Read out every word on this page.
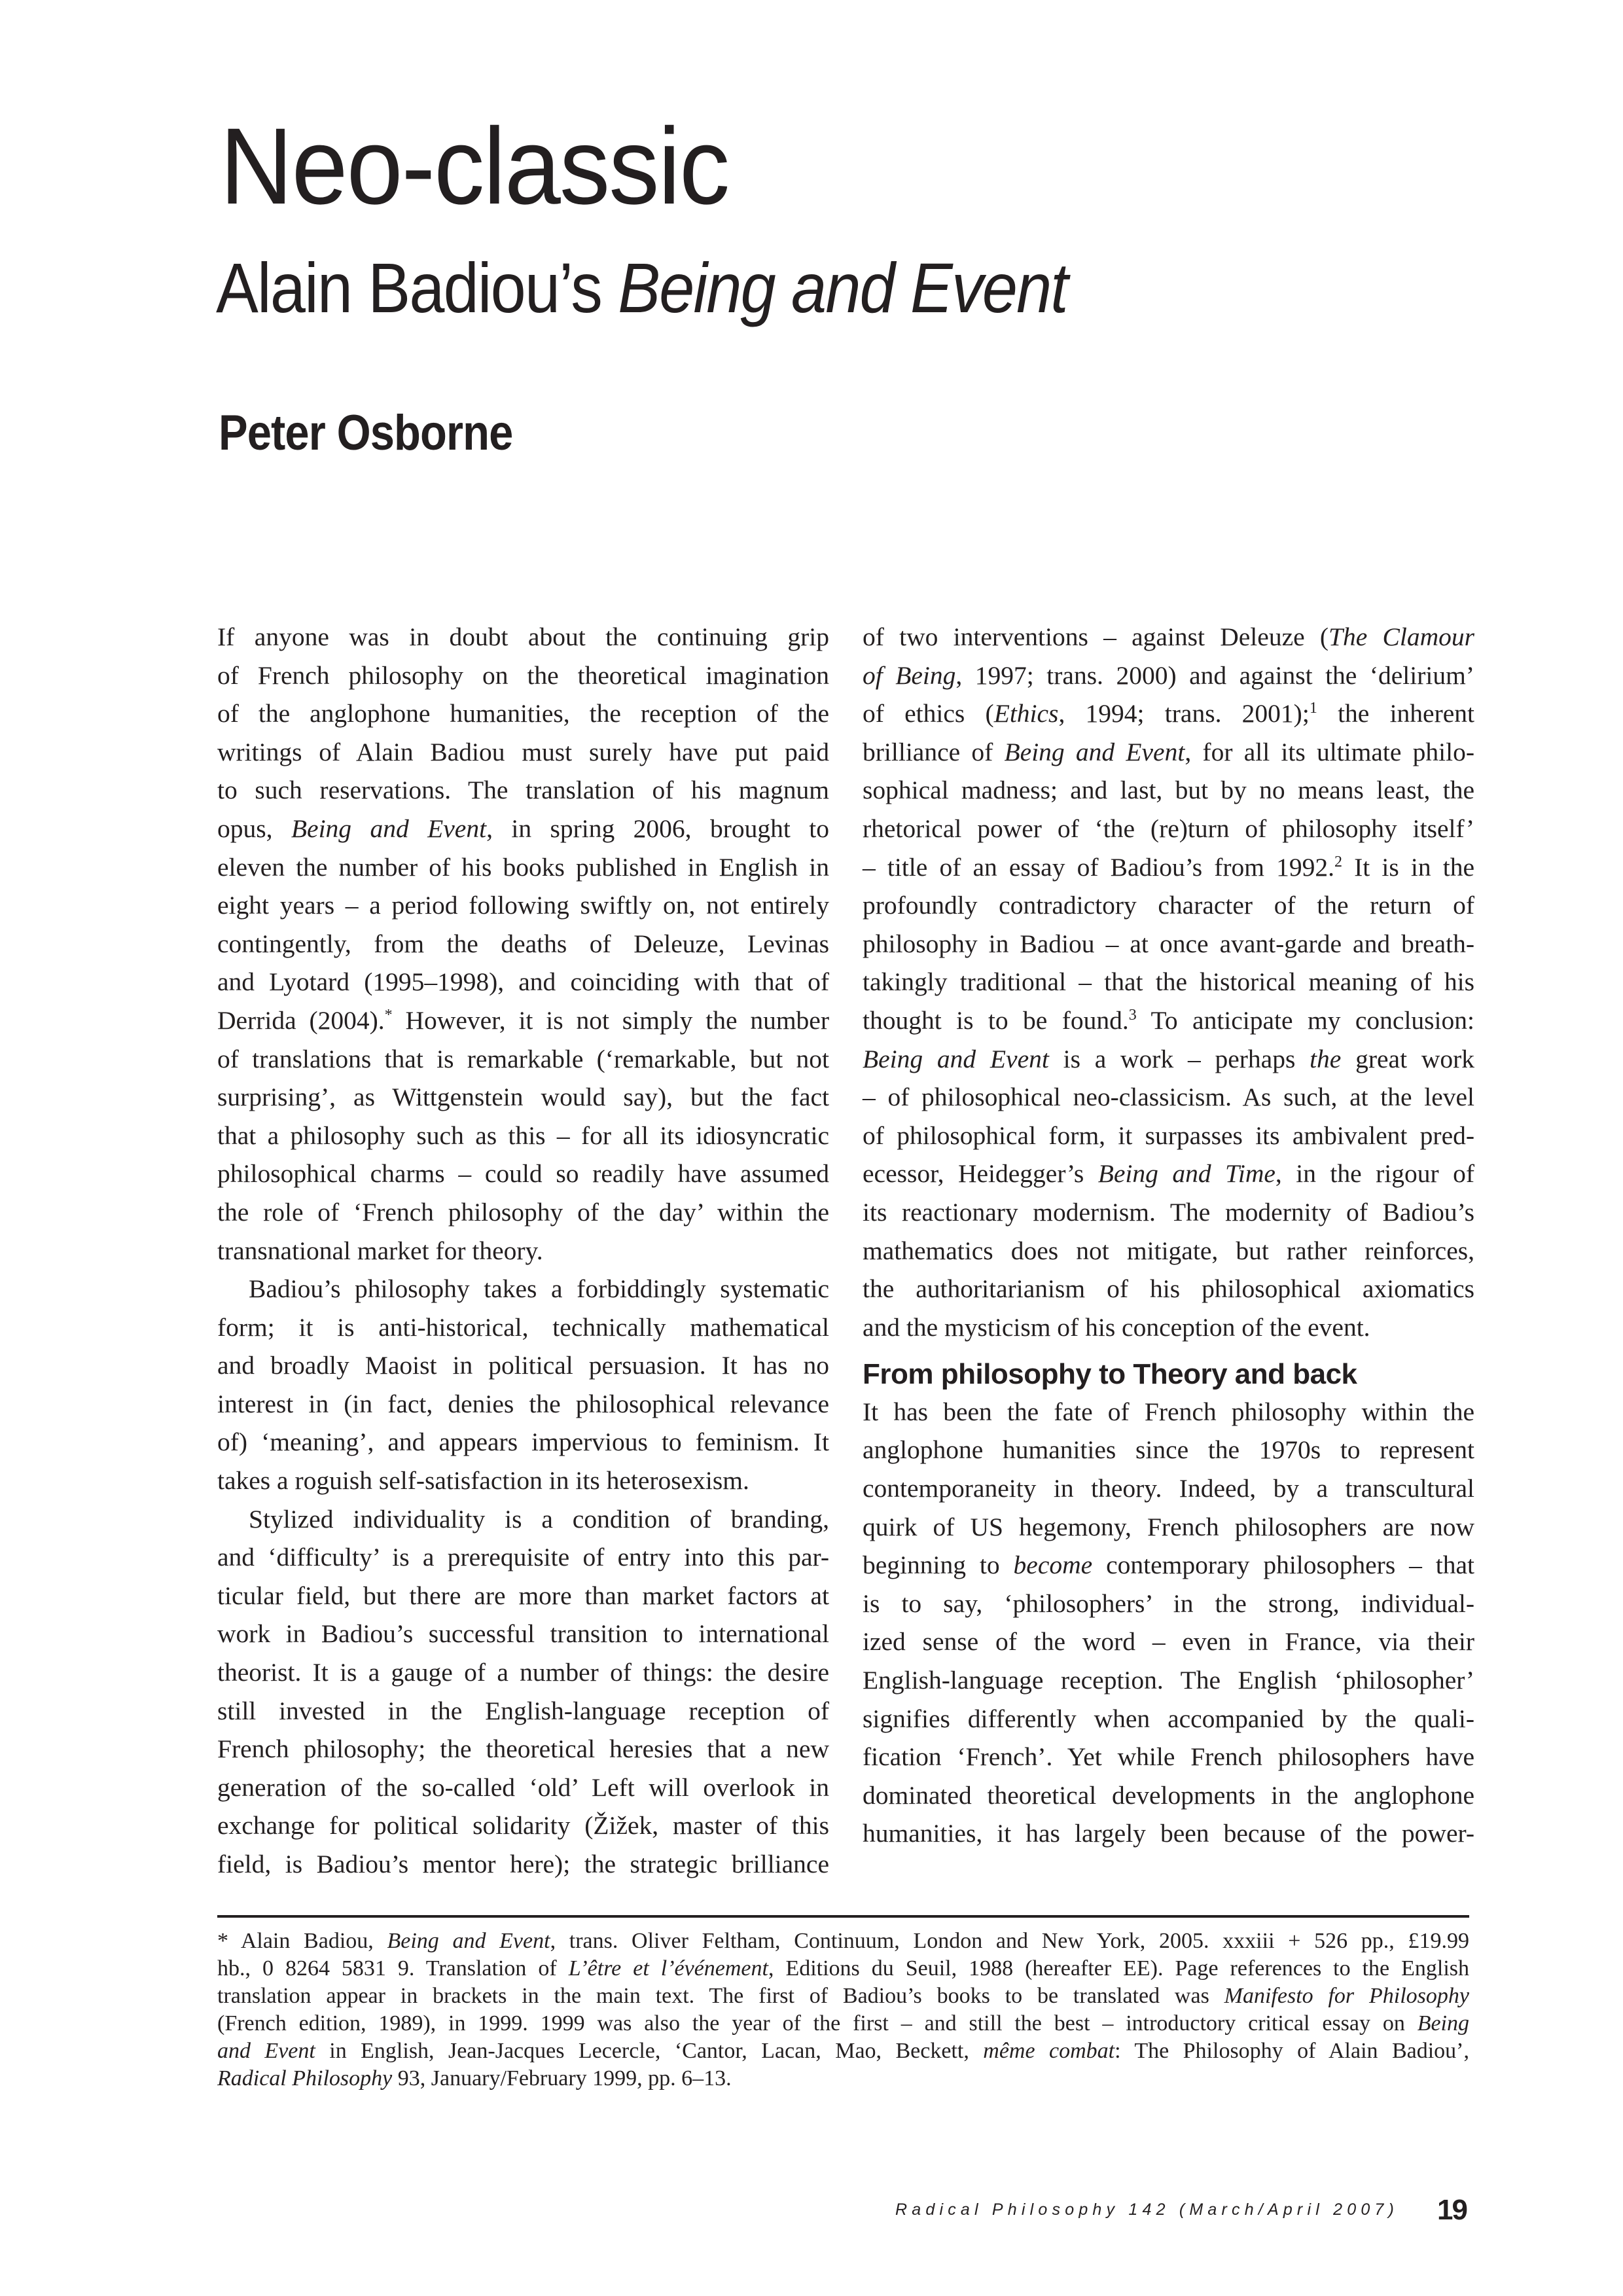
Neo-classic
Alain Badiou’s Being and Event
Peter Osborne
If anyone was in doubt about the continuing grip
of French philosophy on the theoretical imagination
of the anglophone humanities, the reception of the
writings of Alain Badiou must surely have put paid
to such reservations. The translation of his magnum
opus, Being and Event, in spring 2006, brought to
eleven the number of his books published in English in
eight years – a period following swiftly on, not entirely
contingently, from the deaths of Deleuze, Levinas
and Lyotard (1995–1998), and coinciding with that of
Derrida (2004).* However, it is not simply the number
of translations that is remarkable (‘remarkable, but not
surprising’, as Wittgenstein would say), but the fact
that a philosophy such as this – for all its idiosyncratic
philosophical charms – could so readily have assumed
the role of ‘French philosophy of the day’ within the
transnational market for theory.
Badiou’s philosophy takes a forbiddingly systematic
form; it is anti-historical, technically mathematical
and broadly Maoist in political persuasion. It has no
interest in (in fact, denies the philosophical relevance
of) ‘meaning’, and appears impervious to feminism. It
takes a roguish self-satisfaction in its heterosexism.
Stylized individuality is a condition of branding,
and ‘difficulty’ is a prerequisite of entry into this par-
ticular field, but there are more than market factors at
work in Badiou’s successful transition to international
theorist. It is a gauge of a number of things: the desire
still invested in the English-language reception of
French philosophy; the theoretical heresies that a new
generation of the so-called ‘old’ Left will overlook in
exchange for political solidarity (Žižek, master of this
field, is Badiou’s mentor here); the strategic brilliance
of two interventions – against Deleuze (The Clamour
of Being, 1997; trans. 2000) and against the ‘delirium’
of ethics (Ethics, 1994; trans. 2001);$^1$ the inherent
brilliance of Being and Event, for all its ultimate philo-
sophical madness; and last, but by no means least, the
rhetorical power of ‘the (re)turn of philosophy itself’
– title of an essay of Badiou’s from 1992.$^2$ It is in the
profoundly contradictory character of the return of
philosophy in Badiou – at once avant-garde and breath-
takingly traditional – that the historical meaning of his
thought is to be found.$^3$ To anticipate my conclusion:
Being and Event is a work – perhaps the great work
– of philosophical neo-classicism. As such, at the level
of philosophical form, it surpasses its ambivalent pred-
ecessor, Heidegger’s Being and Time, in the rigour of
its reactionary modernism. The modernity of Badiou’s
mathematics does not mitigate, but rather reinforces,
the authoritarianism of his philosophical axiomatics
and the mysticism of his conception of the event.
From philosophy to Theory and back
It has been the fate of French philosophy within the
anglophone humanities since the 1970s to represent
contemporaneity in theory. Indeed, by a transcultural
quirk of US hegemony, French philosophers are now
beginning to become contemporary philosophers – that
is to say, ‘philosophers’ in the strong, individual-
ized sense of the word – even in France, via their
English-language reception. The English ‘philosopher’
signifies differently when accompanied by the quali-
fication ‘French’. Yet while French philosophers have
dominated theoretical developments in the anglophone
humanities, it has largely been because of the power-
* Alain Badiou, Being and Event, trans. Oliver Feltham, Continuum, London and New York, 2005. xxxiii + 526 pp., £19.99
hb., 0 8264 5831 9. Translation of L’être et l’événement, Editions du Seuil, 1988 (hereafter EE). Page references to the English
translation appear in brackets in the main text. The first of Badiou’s books to be translated was Manifesto for Philosophy
(French edition, 1989), in 1999. 1999 was also the year of the first – and still the best – introductory critical essay on Being
and Event in English, Jean-Jacques Lecercle, ‘Cantor, Lacan, Mao, Beckett, même combat: The Philosophy of Alain Badiou’,
Radical Philosophy 93, January/February 1999, pp. 6–13.
Radical Philosophy 142 (March/April 2007) 19
